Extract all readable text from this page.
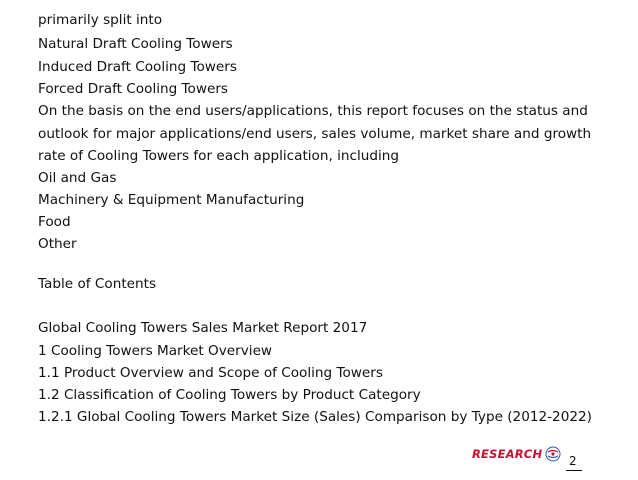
primarily split into
Natural Draft Cooling Towers
Induced Draft Cooling Towers
Forced Draft Cooling Towers
On the basis on the end users/applications, this report focuses on the status and
outlook for major applications/end users, sales volume, market share and growth
rate of Cooling Towers for each application, including
Oil and Gas
Machinery & Equipment Manufacturing
Food
Other
Table of Contents
Global Cooling Towers Sales Market Report 2017
1 Cooling Towers Market Overview
1.1 Product Overview and Scope of Cooling Towers
1.2 Classification of Cooling Towers by Product Category
1.2.1 Global Cooling Towers Market Size (Sales) Comparison by Type (2012-2022)
RESEARCH 2
